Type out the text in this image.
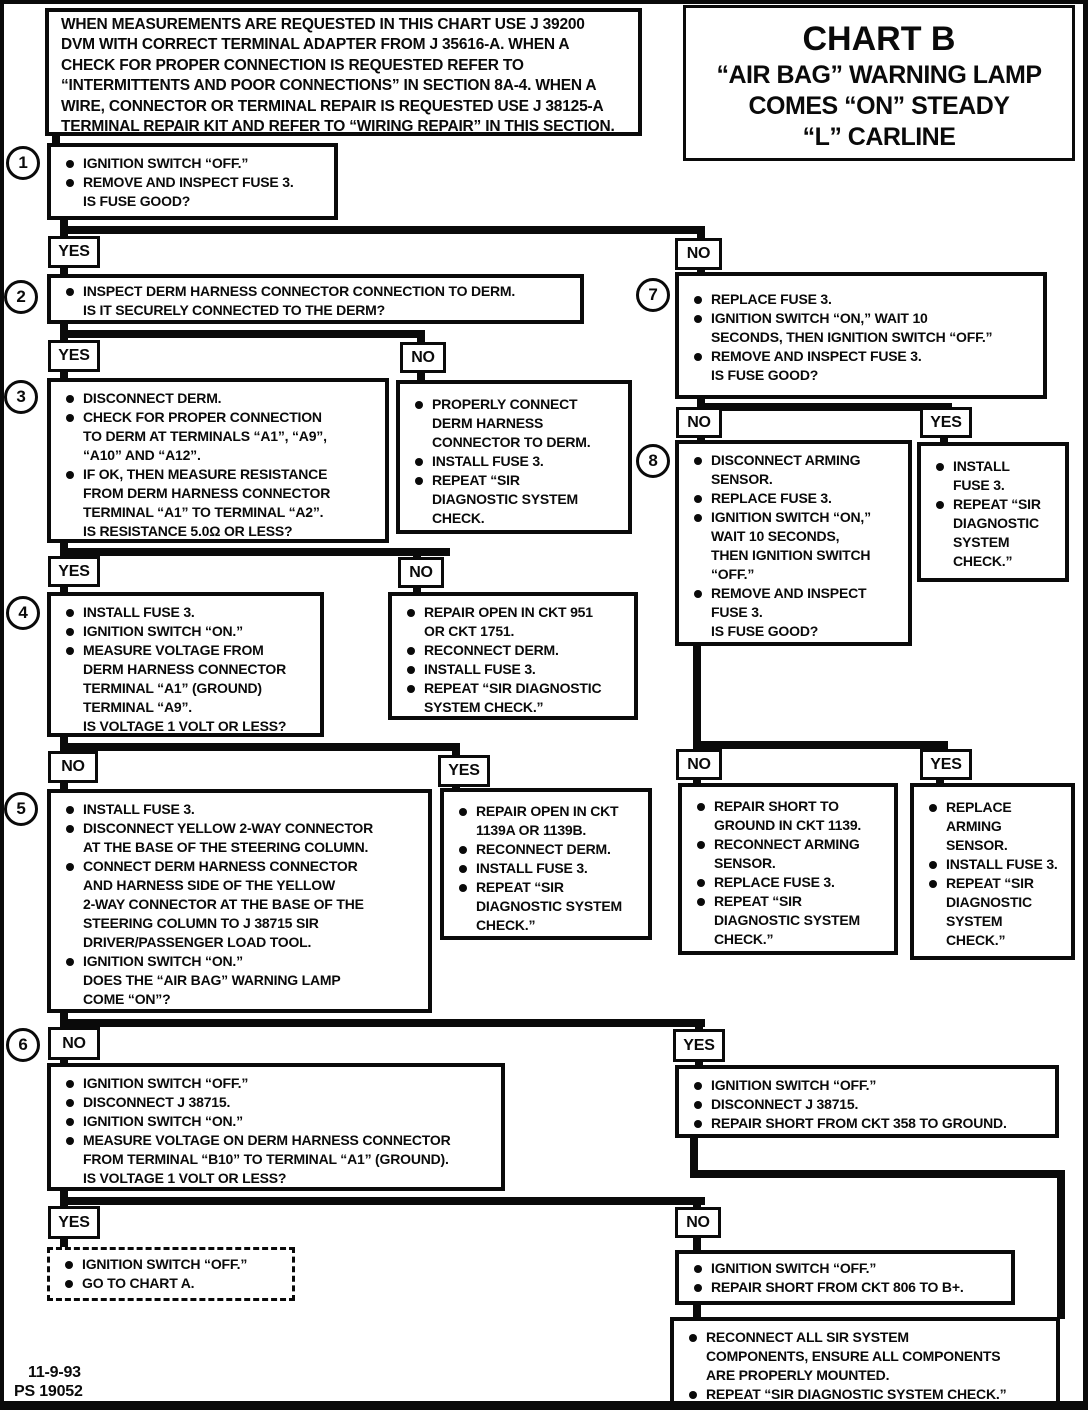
WHEN MEASUREMENTS ARE REQUESTED IN THIS CHART USE J 39200
DVM WITH CORRECT TERMINAL ADAPTER FROM J 35616-A. WHEN A
CHECK FOR PROPER CONNECTION IS REQUESTED REFER TO
“INTERMITTENTS AND POOR CONNECTIONS” IN SECTION 8A-4. WHEN A
WIRE, CONNECTOR OR TERMINAL REPAIR IS REQUESTED USE J 38125-A
TERMINAL REPAIR KIT AND REFER TO “WIRING REPAIR” IN THIS SECTION.
CHART B
“AIR BAG” WARNING LAMP
COMES “ON” STEADY
“L” CARLINE
1
2
3
4
5
6
7
8
IGNITION SWITCH “OFF.”
REMOVE AND INSPECT FUSE 3.
IS FUSE GOOD?
INSPECT DERM HARNESS CONNECTOR CONNECTION TO DERM.
IS IT SECURELY CONNECTED TO THE DERM?
DISCONNECT DERM.
CHECK FOR PROPER CONNECTION
TO DERM AT TERMINALS “A1”, “A9”,
“A10” AND “A12”.
IF OK, THEN MEASURE RESISTANCE
FROM DERM HARNESS CONNECTOR
TERMINAL “A1” TO TERMINAL “A2”.
IS RESISTANCE 5.0Ω OR LESS?
INSTALL FUSE 3.
IGNITION SWITCH “ON.”
MEASURE VOLTAGE FROM
DERM HARNESS CONNECTOR
TERMINAL “A1” (GROUND)
TERMINAL “A9”.
IS VOLTAGE 1 VOLT OR LESS?
INSTALL FUSE 3.
DISCONNECT YELLOW 2-WAY CONNECTOR
AT THE BASE OF THE STEERING COLUMN.
CONNECT DERM HARNESS CONNECTOR
AND HARNESS SIDE OF THE YELLOW
2-WAY CONNECTOR AT THE BASE OF THE
STEERING COLUMN TO J 38715 SIR
DRIVER/PASSENGER LOAD TOOL.
IGNITION SWITCH “ON.”
DOES THE “AIR BAG” WARNING LAMP
COME “ON”?
IGNITION SWITCH “OFF.”
DISCONNECT J 38715.
IGNITION SWITCH “ON.”
MEASURE VOLTAGE ON DERM HARNESS CONNECTOR
FROM TERMINAL “B10” TO TERMINAL “A1” (GROUND).
IS VOLTAGE 1 VOLT OR LESS?
REPLACE FUSE 3.
IGNITION SWITCH “ON,” WAIT 10
SECONDS, THEN IGNITION SWITCH “OFF.”
REMOVE AND INSPECT FUSE 3.
IS FUSE GOOD?
DISCONNECT ARMING
SENSOR.
REPLACE FUSE 3.
IGNITION SWITCH “ON,”
WAIT 10 SECONDS,
THEN IGNITION SWITCH
“OFF.”
REMOVE AND INSPECT
FUSE 3.
IS FUSE GOOD?
PROPERLY CONNECT
DERM HARNESS
CONNECTOR TO DERM.
INSTALL FUSE 3.
REPEAT “SIR
DIAGNOSTIC SYSTEM
CHECK.
INSTALL
FUSE 3.
REPEAT “SIR
DIAGNOSTIC
SYSTEM
CHECK.”
REPAIR OPEN IN CKT 951
OR CKT 1751.
RECONNECT DERM.
INSTALL FUSE 3.
REPEAT “SIR DIAGNOSTIC
SYSTEM CHECK.”
REPAIR OPEN IN CKT
1139A OR 1139B.
RECONNECT DERM.
INSTALL FUSE 3.
REPEAT “SIR
DIAGNOSTIC SYSTEM
CHECK.”
REPAIR SHORT TO
GROUND IN CKT 1139.
RECONNECT ARMING
SENSOR.
REPLACE FUSE 3.
REPEAT “SIR
DIAGNOSTIC SYSTEM
CHECK.”
REPLACE
ARMING
SENSOR.
INSTALL FUSE 3.
REPEAT “SIR
DIAGNOSTIC
SYSTEM
CHECK.”
IGNITION SWITCH “OFF.”
DISCONNECT J 38715.
REPAIR SHORT FROM CKT 358 TO GROUND.
IGNITION SWITCH “OFF.”
GO TO CHART A.
IGNITION SWITCH “OFF.”
REPAIR SHORT FROM CKT 806 TO B+.
RECONNECT ALL SIR SYSTEM
COMPONENTS, ENSURE ALL COMPONENTS
ARE PROPERLY MOUNTED.
REPEAT “SIR DIAGNOSTIC SYSTEM CHECK.”
YES	NO
YES	NO
YES	NO
NO	YES
NO	YES
NO	YES
NO	YES
YES	NO
11-9-93
PS 19052
